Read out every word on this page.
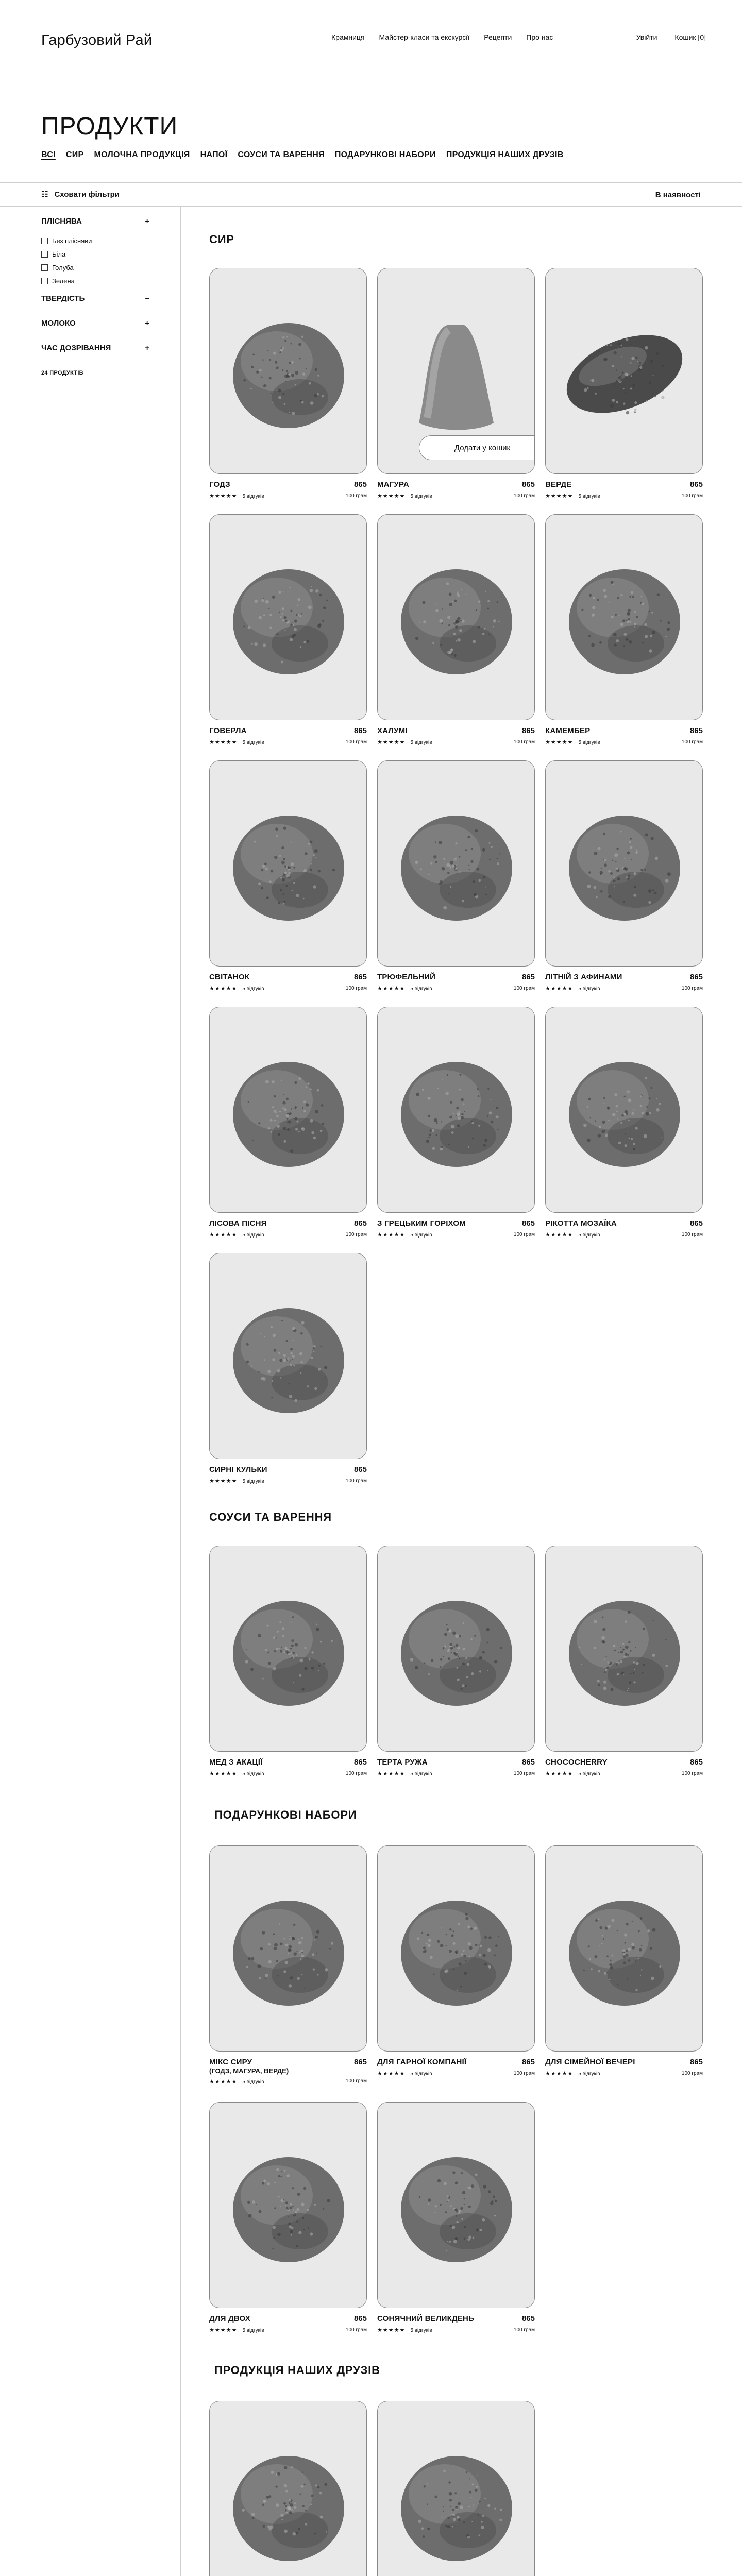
Гарбузовий Рай	Крамниця Майстер-класи та екскурсії Рецепти Про нас	Увійти Кошик [0]
ПРОДУКТИ
ВСІ СИР МОЛОЧНА ПРОДУКЦІЯ НАПОЇ СОУСИ ТА ВАРЕННЯ ПОДАРУНКОВІ НАБОРИ ПРОДУКЦІЯ НАШИХ ДРУЗІВ
☷ Сховати фільтри	В наявності
ПЛІСНЯВА	+
Без плісняви
Біла
Голуба
Зелена
ТВЕРДІСТЬ	–
МОЛОКО	+
ЧАС ДОЗРІВАННЯ	+
24 ПРОДУКТІВ
СИР
СОУСИ ТА ВАРЕННЯ
ПОДАРУНКОВІ НАБОРИ
ПРОДУКЦІЯ НАШИХ ДРУЗІВ
ГОДЗ	865
★★★★★ 5 відгуків	100 грам
Додати у кошик
МАГУРА	865
★★★★★ 5 відгуків	100 грам
ВЕРДЕ	865
★★★★★ 5 відгуків	100 грам
ГОВЕРЛА	865
★★★★★ 5 відгуків	100 грам
ХАЛУМІ	865
★★★★★ 5 відгуків	100 грам
КАМЕМБЕР	865
★★★★★ 5 відгуків	100 грам
СВІТАНОК	865
★★★★★ 5 відгуків	100 грам
ТРЮФЕЛЬНИЙ	865
★★★★★ 5 відгуків	100 грам
ЛІТНІЙ З АФИНАМИ	865
★★★★★ 5 відгуків	100 грам
ЛІСОВА ПІСНЯ	865
★★★★★ 5 відгуків	100 грам
З ГРЕЦЬКИМ ГОРІХОМ	865
★★★★★ 5 відгуків	100 грам
РІКОТТА МОЗАЇКА	865
★★★★★ 5 відгуків	100 грам
СИРНІ КУЛЬКИ	865
★★★★★ 5 відгуків	100 грам
МЕД З АКАЦІЇ	865
★★★★★ 5 відгуків	100 грам
ТЕРТА РУЖА	865
★★★★★ 5 відгуків	100 грам
CHOCOCHERRY	865
★★★★★ 5 відгуків	100 грам
МІКС СИРУ	865
(ГОДЗ, МАГУРА, ВЕРДЕ)
★★★★★ 5 відгуків	100 грам
ДЛЯ ГАРНОЇ КОМПАНІЇ	865
★★★★★ 5 відгуків	100 грам
ДЛЯ СІМЕЙНОЇ ВЕЧЕРІ	865
★★★★★ 5 відгуків	100 грам
ДЛЯ ДВОХ	865
★★★★★ 5 відгуків	100 грам
СОНЯЧНИЙ ВЕЛИКДЕНЬ	865
★★★★★ 5 відгуків	100 грам
